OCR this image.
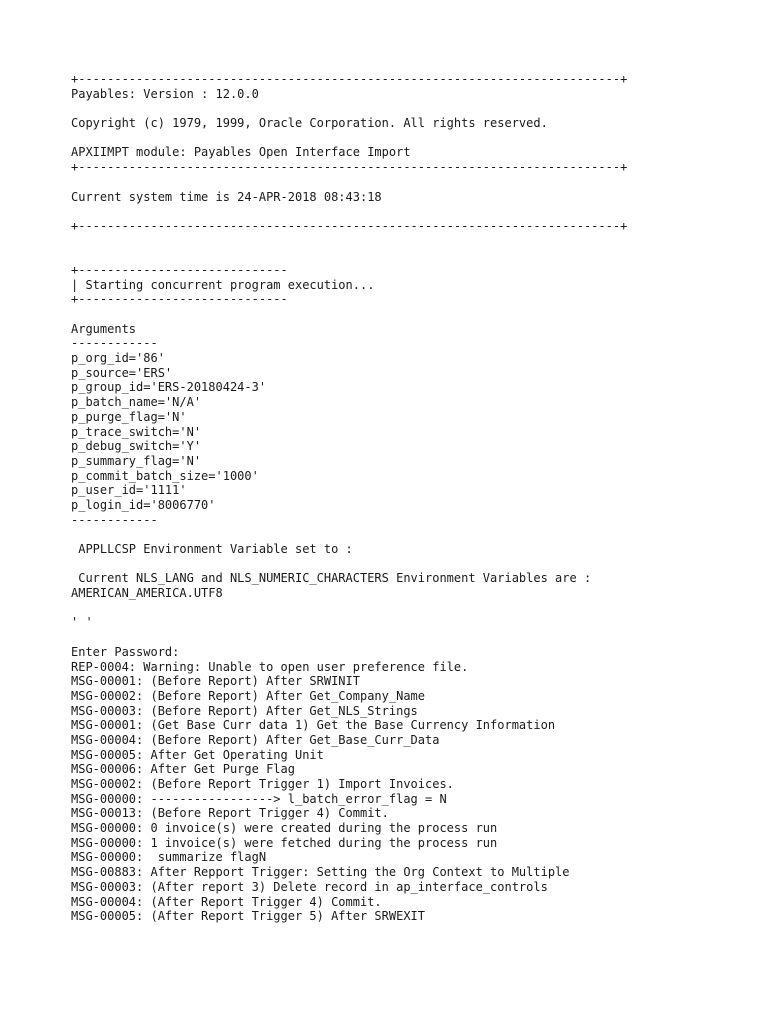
+---------------------------------------------------------------------------+
Payables: Version : 12.0.0
Copyright (c) 1979, 1999, Oracle Corporation. All rights reserved.
APXIIMPT module: Payables Open Interface Import
+---------------------------------------------------------------------------+
Current system time is 24-APR-2018 08:43:18
+---------------------------------------------------------------------------+
+-----------------------------
| Starting concurrent program execution...
+-----------------------------
Arguments
------------
p_org_id='86'
p_source='ERS'
p_group_id='ERS-20180424-3'
p_batch_name='N/A'
p_purge_flag='N'
p_trace_switch='N'
p_debug_switch='Y'
p_summary_flag='N'
p_commit_batch_size='1000'
p_user_id='1111'
p_login_id='8006770'
------------
APPLLCSP Environment Variable set to :
Current NLS_LANG and NLS_NUMERIC_CHARACTERS Environment Variables are :
AMERICAN_AMERICA.UTF8
' '
Enter Password:
REP-0004: Warning: Unable to open user preference file.
MSG-00001: (Before Report) After SRWINIT
MSG-00002: (Before Report) After Get_Company_Name
MSG-00003: (Before Report) After Get_NLS_Strings
MSG-00001: (Get Base Curr data 1) Get the Base Currency Information
MSG-00004: (Before Report) After Get_Base_Curr_Data
MSG-00005: After Get Operating Unit
MSG-00006: After Get Purge Flag
MSG-00002: (Before Report Trigger 1) Import Invoices.
MSG-00000: -----------------> l_batch_error_flag = N
MSG-00013: (Before Report Trigger 4) Commit.
MSG-00000: 0 invoice(s) were created during the process run
MSG-00000: 1 invoice(s) were fetched during the process run
MSG-00000:  summarize flagN
MSG-00883: After Repport Trigger: Setting the Org Context to Multiple
MSG-00003: (After report 3) Delete record in ap_interface_controls
MSG-00004: (After Report Trigger 4) Commit.
MSG-00005: (After Report Trigger 5) After SRWEXIT
